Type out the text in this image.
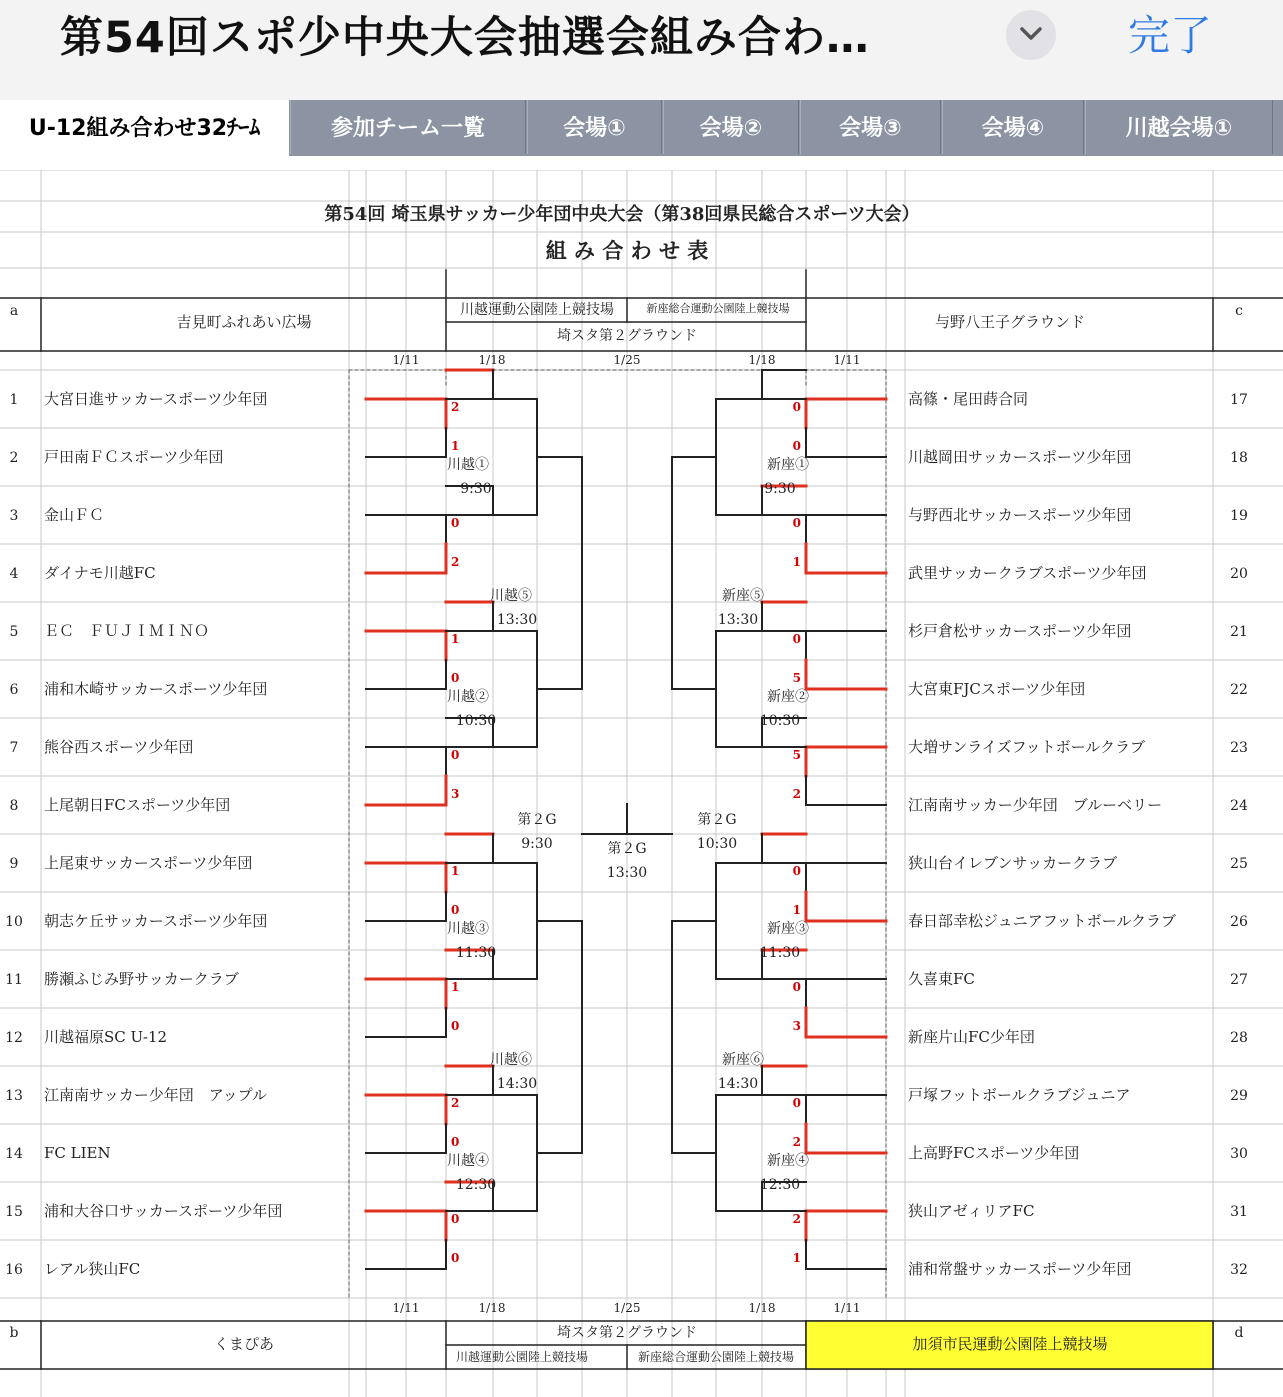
第54回スポ少中央大会抽選会組み合わ…	完了
U-12組み合わせ32ﾁｰﾑ	参加チーム一覧	会場①	会場②	会場③	会場④	川越会場①
2
1
0
0
0
2
0
1
1
0
0
5
0
3
5
2
1
0
0
1
1
0
0
3
2
0
0
2
0
0
2
1
第54回 埼玉県サッカー少年団中央大会（第38回県民総合スポーツ大会）
組 み 合 わ せ 表
a	c
b	d
吉見町ふれあい広場	与野八王子グラウンド
くまぴあ	加須市民運動公園陸上競技場
川越運動公園陸上競技場	新座総合運動公園陸上競技場
埼スタ第２グラウンド
埼スタ第２グラウンド
川越運動公園陸上競技場	新座総合運動公園陸上競技場
1/11	1/18	1/25	1/18	1/11
1/11	1/18	1/25	1/18	1/11
1 大宮日進サッカースポーツ少年団
2 戸田南ＦＣスポーツ少年団
3 金山ＦＣ
4 ダイナモ川越FC
5 ＥＣ　ＦＵＪＩＭＩＮＯ
6 浦和木崎サッカースポーツ少年団
7 熊谷西スポーツ少年団
8 上尾朝日FCスポーツ少年団
9 上尾東サッカースポーツ少年団
10 朝志ケ丘サッカースポーツ少年団
11 勝瀬ふじみ野サッカークラブ
12 川越福原SC U-12
13 江南南サッカー少年団　アップル
14 FC LIEN
15 浦和大谷口サッカースポーツ少年団
16 レアル狭山FC
高篠・尾田蒔合同	17
川越岡田サッカースポーツ少年団	18
与野西北サッカースポーツ少年団	19
武里サッカークラブスポーツ少年団	20
杉戸倉松サッカースポーツ少年団	21
大宮東FJCスポーツ少年団	22
大増サンライズフットボールクラブ	23
江南南サッカー少年団　ブルーベリー	24
狭山台イレブンサッカークラブ	25
春日部幸松ジュニアフットボールクラブ	26
久喜東FC	27
新座片山FC少年団	28
戸塚フットボールクラブジュニア	29
上高野FCスポーツ少年団	30
狭山アゼィリアFC	31
浦和常盤サッカースポーツ少年団	32
川越①
9:30
川越②
10:30
川越③
11:30
川越④
12:30
新座①
9:30
新座②
10:30
新座③
11:30
新座④
12:30
川越⑤
13:30
川越⑥
14:30
新座⑤
13:30
新座⑥
14:30
第２G
9:30
第２G
10:30
第２G
13:30
